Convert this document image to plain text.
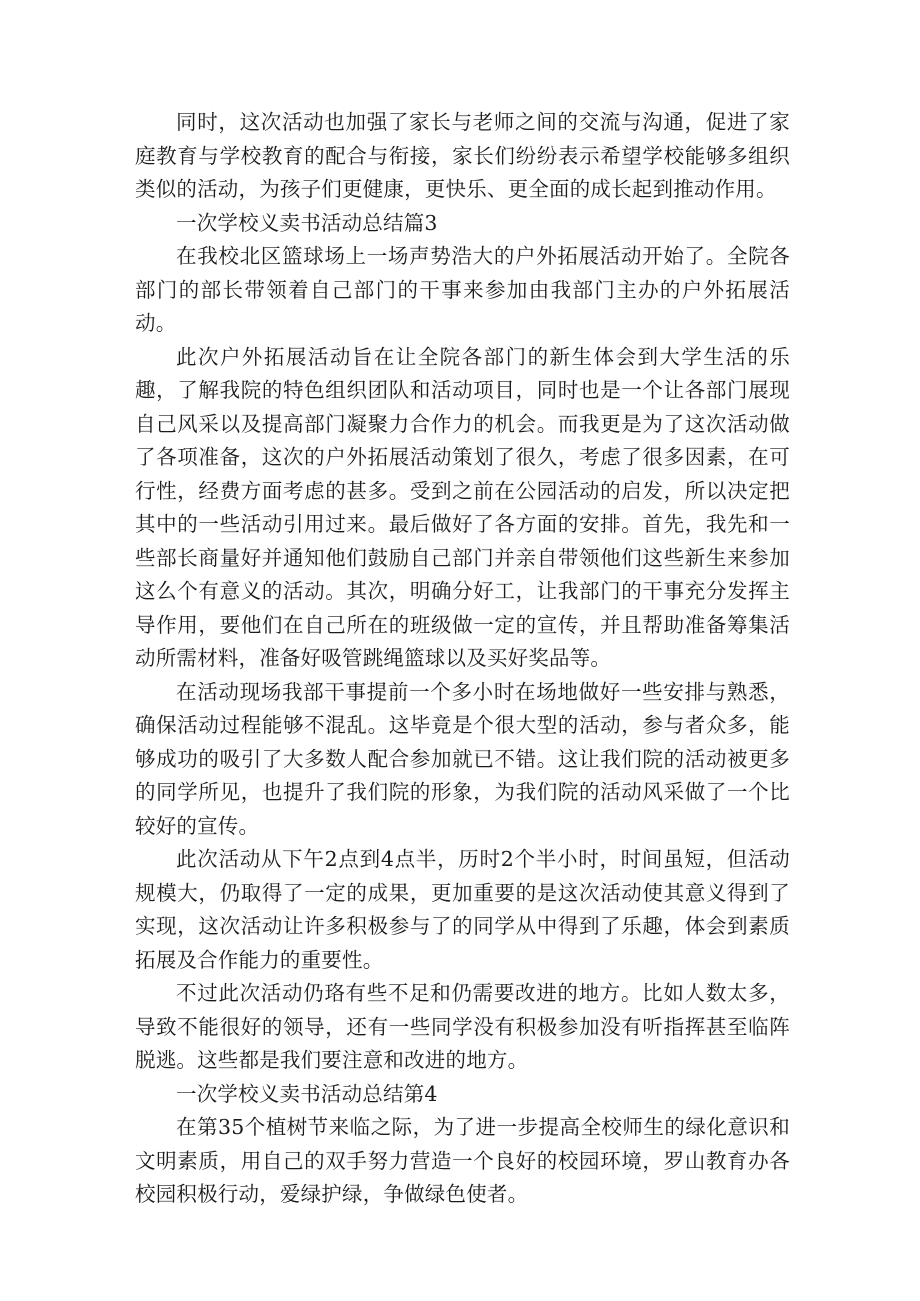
同时，这次活动也加强了家长与老师之间的交流与沟通，促进了家庭教育与学校教育的配合与衔接，家长们纷纷表示希望学校能够多组织类似的活动，为孩子们更健康，更快乐、更全面的成长起到推动作用。

一次学校义卖书活动总结篇3

在我校北区篮球场上一场声势浩大的户外拓展活动开始了。全院各部门的部长带领着自己部门的干事来参加由我部门主办的户外拓展活动。

此次户外拓展活动旨在让全院各部门的新生体会到大学生活的乐趣，了解我院的特色组织团队和活动项目，同时也是一个让各部门展现自己风采以及提高部门凝聚力合作力的机会。而我更是为了这次活动做了各项准备，这次的户外拓展活动策划了很久，考虑了很多因素，在可行性，经费方面考虑的甚多。受到之前在公园活动的启发，所以决定把其中的一些活动引用过来。最后做好了各方面的安排。首先，我先和一些部长商量好并通知他们鼓励自己部门并亲自带领他们这些新生来参加这么个有意义的活动。其次，明确分好工，让我部门的干事充分发挥主导作用，要他们在自己所在的班级做一定的宣传，并且帮助准备筹集活动所需材料，准备好吸管跳绳篮球以及买好奖品等。

在活动现场我部干事提前一个多小时在场地做好一些安排与熟悉，确保活动过程能够不混乱。这毕竟是个很大型的活动，参与者众多，能够成功的吸引了大多数人配合参加就已不错。这让我们院的活动被更多的同学所见，也提升了我们院的形象，为我们院的活动风采做了一个比较好的宣传。

此次活动从下午2点到4点半，历时2个半小时，时间虽短，但活动规模大，仍取得了一定的成果，更加重要的是这次活动使其意义得到了实现，这次活动让许多积极参与了的同学从中得到了乐趣，体会到素质拓展及合作能力的重要性。

不过此次活动仍珞有些不足和仍需要改进的地方。比如人数太多，导致不能很好的领导，还有一些同学没有积极参加没有听指挥甚至临阵脱逃。这些都是我们要注意和改进的地方。

一次学校义卖书活动总结第4

在第35个植树节来临之际，为了进一步提高全校师生的绿化意识和文明素质，用自己的双手努力营造一个良好的校园环境，罗山教育办各校园积极行动，爱绿护绿，争做绿色使者。
